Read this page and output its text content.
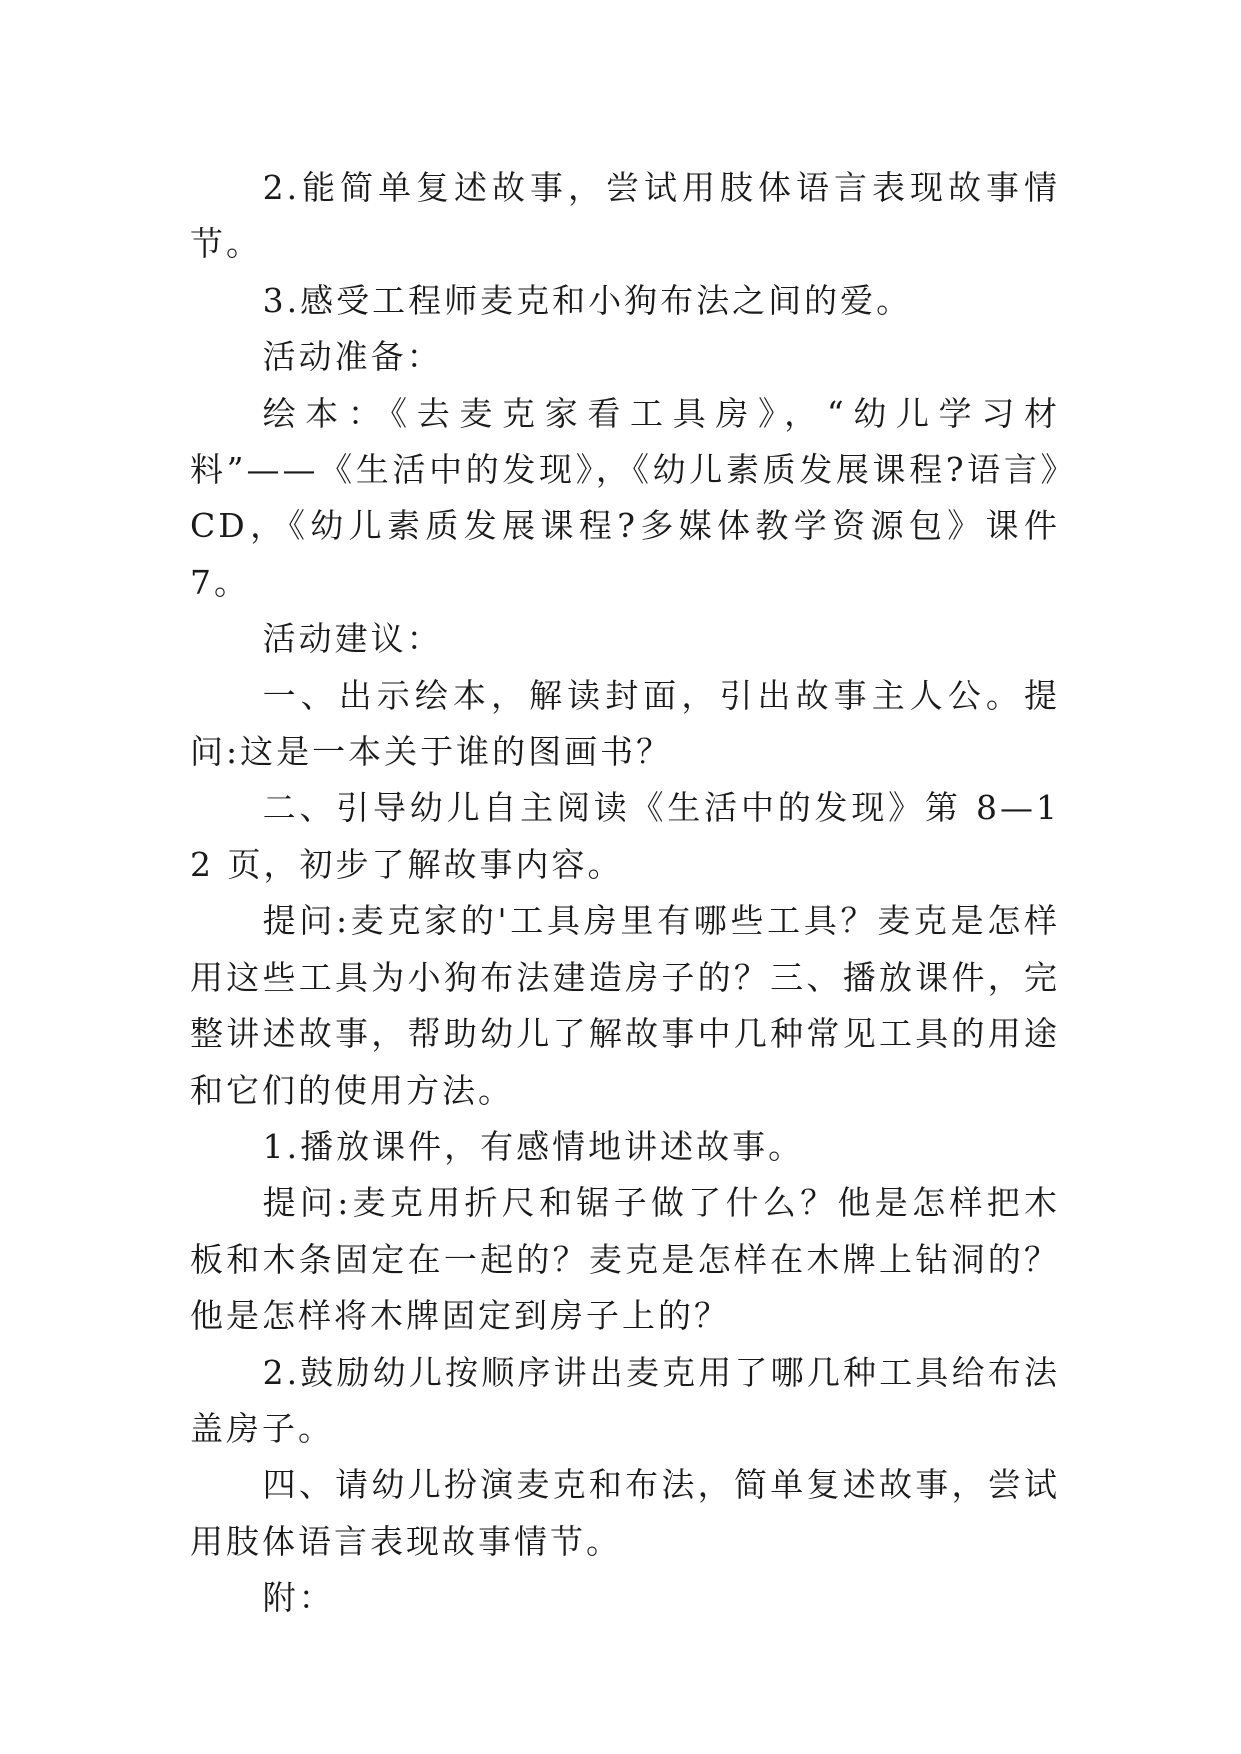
2.能简单复述故事，尝试用肢体语言表现故事情节。

3.感受工程师麦克和小狗布法之间的爱。

活动准备：

绘本：《去麦克家看工具房》，“幼儿学习材料”——《生活中的发现》，《幼儿素质发展课程?语言》CD，《幼儿素质发展课程?多媒体教学资源包》课件 7。

活动建议：

一、出示绘本，解读封面，引出故事主人公。提问:这是一本关于谁的图画书？

二、引导幼儿自主阅读《生活中的发现》第 8—12 页，初步了解故事内容。

提问:麦克家的'工具房里有哪些工具？麦克是怎样用这些工具为小狗布法建造房子的？三、播放课件，完整讲述故事，帮助幼儿了解故事中几种常见工具的用途和它们的使用方法。

1.播放课件，有感情地讲述故事。

提问:麦克用折尺和锯子做了什么？他是怎样把木板和木条固定在一起的？麦克是怎样在木牌上钻洞的？他是怎样将木牌固定到房子上的？

2.鼓励幼儿按顺序讲出麦克用了哪几种工具给布法盖房子。

四、请幼儿扮演麦克和布法，简单复述故事，尝试用肢体语言表现故事情节。

附：
